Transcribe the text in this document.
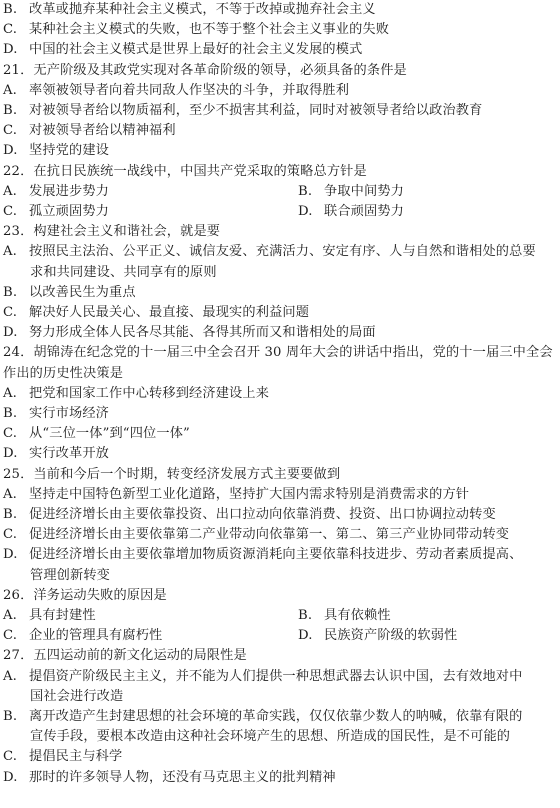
B. 改革或抛弃某种社会主义模式，不等于改掉或抛弃社会主义
C. 某种社会主义模式的失败，也不等于整个社会主义事业的失败
D. 中国的社会主义模式是世界上最好的社会主义发展的模式
21．无产阶级及其政党实现对各革命阶级的领导，必须具备的条件是
A. 率领被领导者向着共同敌人作坚决的斗争，并取得胜利
B. 对被领导者给以物质福利，至少不损害其利益，同时对被领导者给以政治教育
C. 对被领导者给以精神福利
D. 坚持党的建设
22．在抗日民族统一战线中，中国共产党采取的策略总方针是
A. 发展进步势力	B. 争取中间势力
C. 孤立顽固势力	D. 联合顽固势力
23．构建社会主义和谐社会，就是要
A. 按照民主法治、公平正义、诚信友爱、充满活力、安定有序、人与自然和谐相处的总要
求和共同建设、共同享有的原则
B. 以改善民生为重点
C. 解决好人民最关心、最直接、最现实的利益问题
D. 努力形成全体人民各尽其能、各得其所而又和谐相处的局面
24．胡锦涛在纪念党的十一届三中全会召开 30 周年大会的讲话中指出，党的十一届三中全会
作出的历史性决策是
A. 把党和国家工作中心转移到经济建设上来
B. 实行市场经济
C. 从“三位一体”到“四位一体”
D. 实行改革开放
25．当前和今后一个时期，转变经济发展方式主要要做到
A. 坚持走中国特色新型工业化道路，坚持扩大国内需求特别是消费需求的方针
B. 促进经济增长由主要依靠投资、出口拉动向依靠消费、投资、出口协调拉动转变
C. 促进经济增长由主要依靠第二产业带动向依靠第一、第二、第三产业协同带动转变
D. 促进经济增长由主要依靠增加物质资源消耗向主要依靠科技进步、劳动者素质提高、
管理创新转变
26．洋务运动失败的原因是
A. 具有封建性	B. 具有依赖性
C. 企业的管理具有腐朽性	D. 民族资产阶级的软弱性
27．五四运动前的新文化运动的局限性是
A. 提倡资产阶级民主主义，并不能为人们提供一种思想武器去认识中国，去有效地对中
国社会进行改造
B. 离开改造产生封建思想的社会环境的革命实践，仅仅依靠少数人的呐喊，依靠有限的
宣传手段，要根本改造由这种社会环境产生的思想、所造成的国民性，是不可能的
C. 提倡民主与科学
D. 那时的许多领导人物，还没有马克思主义的批判精神
